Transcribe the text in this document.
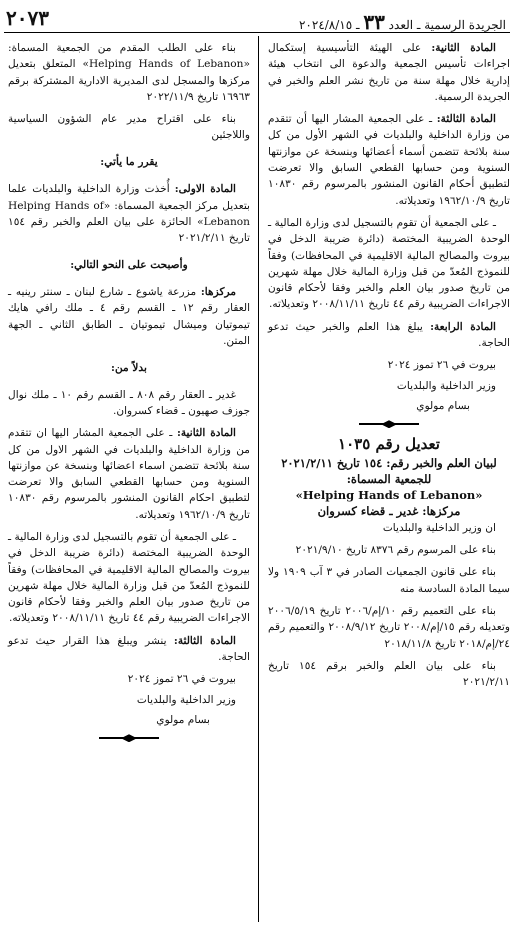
الجريدة الرسمية ـ العدد ٣٣ ـ ٢٠٢٤/٨/١٥
٢٠٧٣

المادة الثانية: على الهيئة التأسيسية إستكمال اجراءات تأسيس الجمعية والدعوة الى انتخاب هيئة إدارية خلال مهلة سنة من تاريخ نشر العلم والخبر في الجريدة الرسمية.

المادة الثالثة: ـ على الجمعية المشار اليها أن تتقدم من وزارة الداخلية والبلديات في الشهر الأول من كل سنة بلائحة تتضمن أسماء أعضائها وبنسخة عن موازنتها السنوية ومن حسابها القطعي السابق والا تعرضت لتطبيق أحكام القانون المنشور بالمرسوم رقم ١٠٨٣٠ تاريخ ١٩٦٢/١٠/٩ وتعديلاته.

ـ على الجمعية أن تقوم بالتسجيل لدى وزارة المالية ـ الوحدة الضريبية المختصة (دائرة ضريبة الدخل في بيروت والمصالح المالية الاقليمية في المحافظات) وفقاً للنموذج المُعدّ من قبل وزارة المالية خلال مهلة شهرين من تاريخ صدور بيان العلم والخبر وفقا لأحكام قانون الاجراءات الضريبية رقم ٤٤ تاريخ ٢٠٠٨/١١/١١ وتعديلاته.

المادة الرابعة: يبلغ هذا العلم والخبر حيث تدعو الحاجة.

بيروت في ٢٦ تموز ٢٠٢٤

وزير الداخلية والبلديات

بسام مولوي

تعديل رقم ١٠٣٥

لبيان العلم والخبر رقم: ١٥٤ تاريخ ٢٠٢١/٢/١١ للجمعية المسماة:

«Helping Hands of Lebanon»

مركزها: غدير ـ قضاء كسروان

ان وزير الداخلية والبلديات

بناء على المرسوم رقم ٨٣٧٦ تاريخ ٢٠٢١/٩/١٠

بناء على قانون الجمعيات الصادر في ٣ آب ١٩٠٩ ولا سيما المادة السادسة منه

بناء على التعميم رقم ١٠/إم/٢٠٠٦ تاريخ ٢٠٠٦/٥/١٩ وتعديله رقم ١٥/إم/٢٠٠٨ تاريخ ٢٠٠٨/٩/١٢ والتعميم رقم ٢٤/إم/٢٠١٨ تاريخ ٢٠١٨/١١/٨

بناء على بيان العلم والخبر برقم ١٥٤ تاريخ ٢٠٢١/٢/١١

بناء على الطلب المقدم من الجمعية المسماة: «Helping Hands of Lebanon» المتعلق بتعديل مركزها والمسجل لدى المديرية الادارية المشتركة برقم ١٦٩٦٣ تاريخ ٢٠٢٢/١١/٩

بناء على اقتراح مدير عام الشؤون السياسية واللاجئين

يقرر ما يأتي:

المادة الاولى: أُخذت وزارة الداخلية والبلديات علما بتعديل مركز الجمعية المسماة: «Helping Hands of Lebanon» الحائزة على بيان العلم والخبر رقم ١٥٤ تاريخ ٢٠٢١/٢/١١

وأصبحت على النحو التالي:

مركزها: مزرعة ياشوع ـ شارع لبنان ـ سنتر رينيه ـ العقار رقم ١٢ ـ القسم رقم ٤ ـ ملك رافي هايك تيموتيان وميشال تيموتيان ـ الطابق الثاني ـ الجهة المتن.

بدلاً من:

غدير ـ العقار رقم ٨٠٨ ـ القسم رقم ١٠ ـ ملك نوال جوزف صهيون ـ قضاء كسروان.

المادة الثانية: ـ على الجمعية المشار اليها ان تتقدم من وزارة الداخلية والبلديات في الشهر الاول من كل سنة بلائحة تتضمن اسماء اعضائها وبنسخة عن موازنتها السنوية ومن حسابها القطعي السابق والا تعرضت لتطبيق احكام القانون المنشور بالمرسوم رقم ١٠٨٣٠ تاريخ ١٩٦٢/١٠/٩ وتعديلاته.

ـ على الجمعية أن تقوم بالتسجيل لدى وزارة المالية ـ الوحدة الضريبية المختصة (دائرة ضريبة الدخل في بيروت والمصالح المالية الاقليمية في المحافظات) وفقاً للنموذج المُعدّ من قبل وزارة المالية خلال مهلة شهرين من تاريخ صدور بيان العلم والخبر وفقا لأحكام قانون الاجراءات الضريبية رقم ٤٤ تاريخ ٢٠٠٨/١١/١١ وتعديلاته.

المادة الثالثة: ينشر ويبلغ هذا القرار حيث تدعو الحاجة.

بيروت في ٢٦ تموز ٢٠٢٤

وزير الداخلية والبلديات

بسام مولوي
